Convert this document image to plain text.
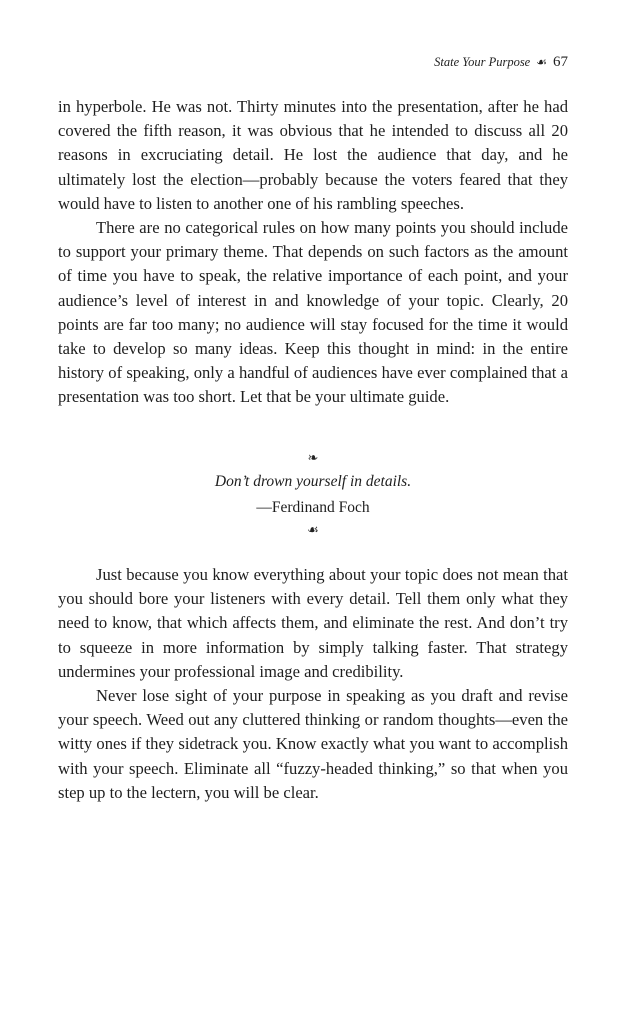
State Your Purpose ☙ 67

in hyperbole. He was not. Thirty minutes into the presentation, after he had covered the fifth reason, it was obvious that he intended to discuss all 20 reasons in excruciating detail. He lost the audience that day, and he ultimately lost the election—probably because the voters feared that they would have to listen to another one of his rambling speeches.

There are no categorical rules on how many points you should include to support your primary theme. That depends on such factors as the amount of time you have to speak, the relative importance of each point, and your audience’s level of interest in and knowledge of your topic. Clearly, 20 points are far too many; no audience will stay focused for the time it would take to develop so many ideas. Keep this thought in mind: in the entire history of speaking, only a handful of audiences have ever complained that a presentation was too short. Let that be your ultimate guide.

❧
Don’t drown yourself in details.
—Ferdinand Foch
☙

Just because you know everything about your topic does not mean that you should bore your listeners with every detail. Tell them only what they need to know, that which affects them, and eliminate the rest. And don’t try to squeeze in more information by simply talking faster. That strategy undermines your professional image and credibility.

Never lose sight of your purpose in speaking as you draft and revise your speech. Weed out any cluttered thinking or random thoughts—even the witty ones if they sidetrack you. Know exactly what you want to accomplish with your speech. Eliminate all “fuzzy-headed thinking,” so that when you step up to the lectern, you will be clear.
